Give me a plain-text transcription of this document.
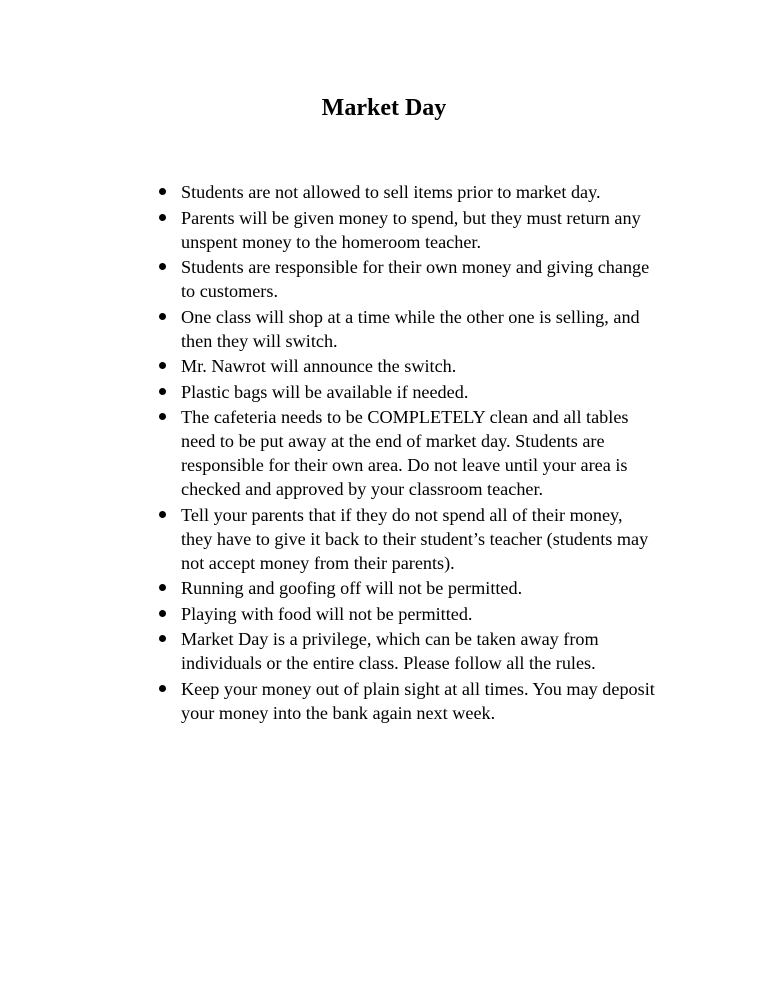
Market Day
Students are not allowed to sell items prior to market day.
Parents will be given money to spend, but they must return any unspent money to the homeroom teacher.
Students are responsible for their own money and giving change to customers.
One class will shop at a time while the other one is selling, and then they will switch.
Mr. Nawrot will announce the switch.
Plastic bags will be available if needed.
The cafeteria needs to be COMPLETELY clean and all tables need to be put away at the end of market day. Students are responsible for their own area. Do not leave until your area is checked and approved by your classroom teacher.
Tell your parents that if they do not spend all of their money, they have to give it back to their student’s teacher (students may not accept money from their parents).
Running and goofing off will not be permitted.
Playing with food will not be permitted.
Market Day is a privilege, which can be taken away from individuals or the entire class. Please follow all the rules.
Keep your money out of plain sight at all times. You may deposit your money into the bank again next week.
